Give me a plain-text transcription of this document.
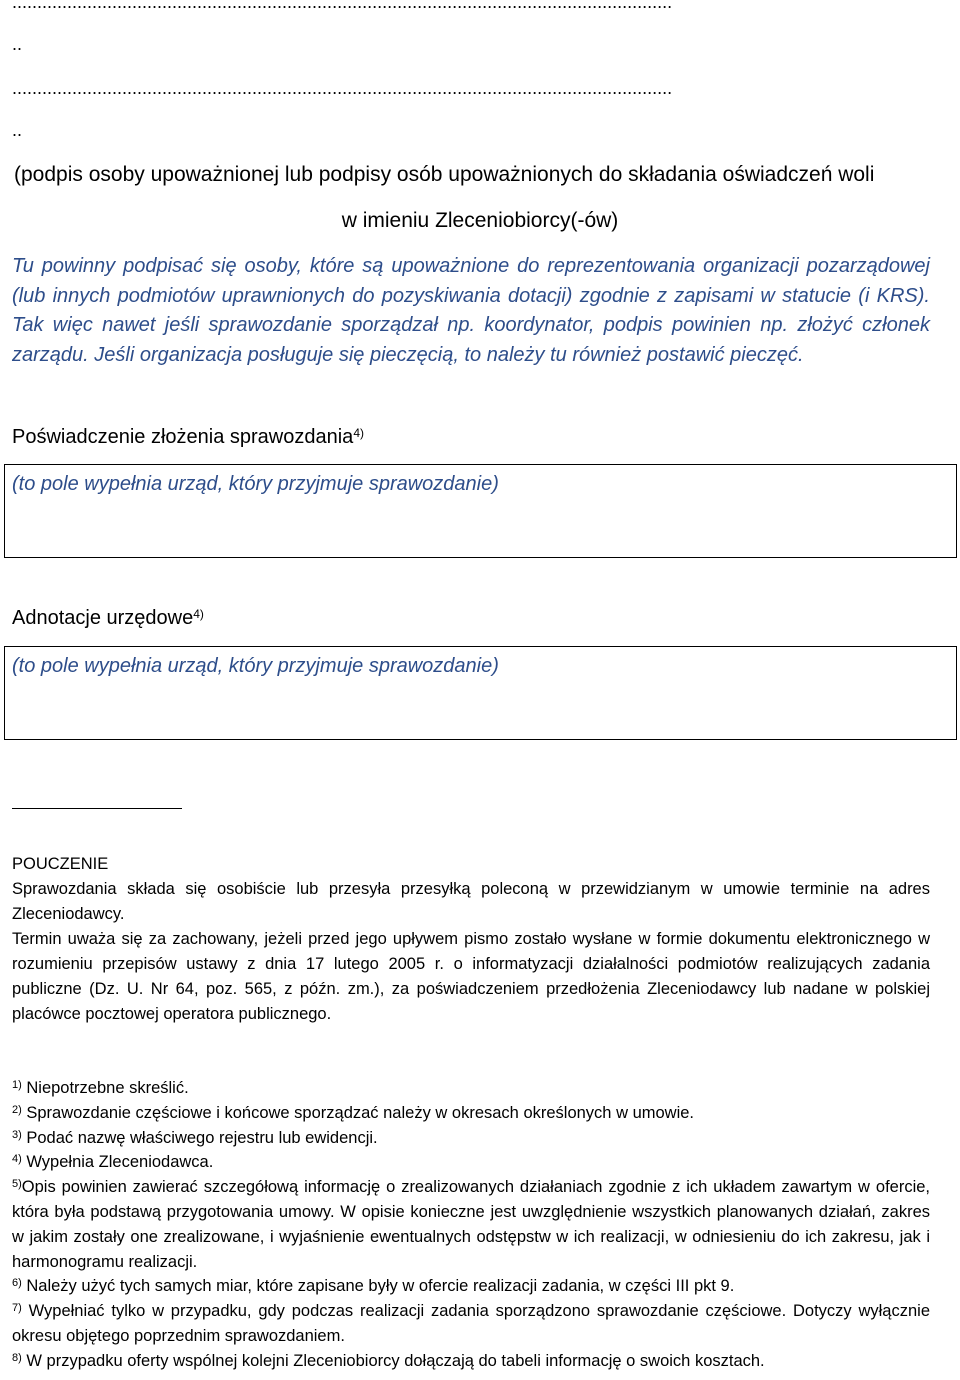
....................................................................................................................................
..
....................................................................................................................................
..
(podpis osoby upoważnionej lub podpisy osób upoważnionych do składania oświadczeń woli
w imieniu Zleceniobiorcy(-ów)

Tu powinny podpisać się osoby, które są upoważnione do reprezentowania organizacji pozarządowej (lub innych podmiotów uprawnionych do pozyskiwania dotacji) zgodnie z zapisami w statucie (i KRS). Tak więc nawet jeśli sprawozdanie sporządzał np. koordynator, podpis powinien np. złożyć członek zarządu. Jeśli organizacja posługuje się pieczęcią, to należy tu również postawić pieczęć.

Poświadczenie złożenia sprawozdania$^{4)}$
(to pole wypełnia urząd, który przyjmuje sprawozdanie)
Adnotacje urzędowe$^{4)}$
(to pole wypełnia urząd, który przyjmuje sprawozdanie)

POUCZENIE

Sprawozdania składa się osobiście lub przesyła przesyłką poleconą w przewidzianym w umowie terminie na adres Zleceniodawcy.

Termin uważa się za zachowany, jeżeli przed jego upływem pismo zostało wysłane w formie dokumentu elektronicznego w rozumieniu przepisów ustawy z dnia 17 lutego 2005 r. o informatyzacji działalności podmiotów realizujących zadania publiczne (Dz. U. Nr 64, poz. 565, z późn. zm.), za poświadczeniem przedłożenia Zleceniodawcy lub nadane w polskiej placówce pocztowej operatora publicznego.

$^{1)}$ Niepotrzebne skreślić.

$^{2)}$ Sprawozdanie częściowe i końcowe sporządzać należy w okresach określonych w umowie.

$^{3)}$ Podać nazwę właściwego rejestru lub ewidencji.

$^{4)}$ Wypełnia Zleceniodawca.

$^{5)}$Opis powinien zawierać szczegółową informację o zrealizowanych działaniach zgodnie z ich układem zawartym w ofercie, która była podstawą przygotowania umowy. W opisie konieczne jest uwzględnienie wszystkich planowanych działań, zakres w jakim zostały one zrealizowane, i wyjaśnienie ewentualnych odstępstw w ich realizacji, w odniesieniu do ich zakresu, jak i harmonogramu realizacji.

$^{6)}$ Należy użyć tych samych miar, które zapisane były w ofercie realizacji zadania, w części III pkt 9.

$^{7)}$ Wypełniać tylko w przypadku, gdy podczas realizacji zadania sporządzono sprawozdanie częściowe. Dotyczy wyłącznie okresu objętego poprzednim sprawozdaniem.

$^{8)}$ W przypadku oferty wspólnej kolejni Zleceniobiorcy dołączają do tabeli informację o swoich kosztach.
